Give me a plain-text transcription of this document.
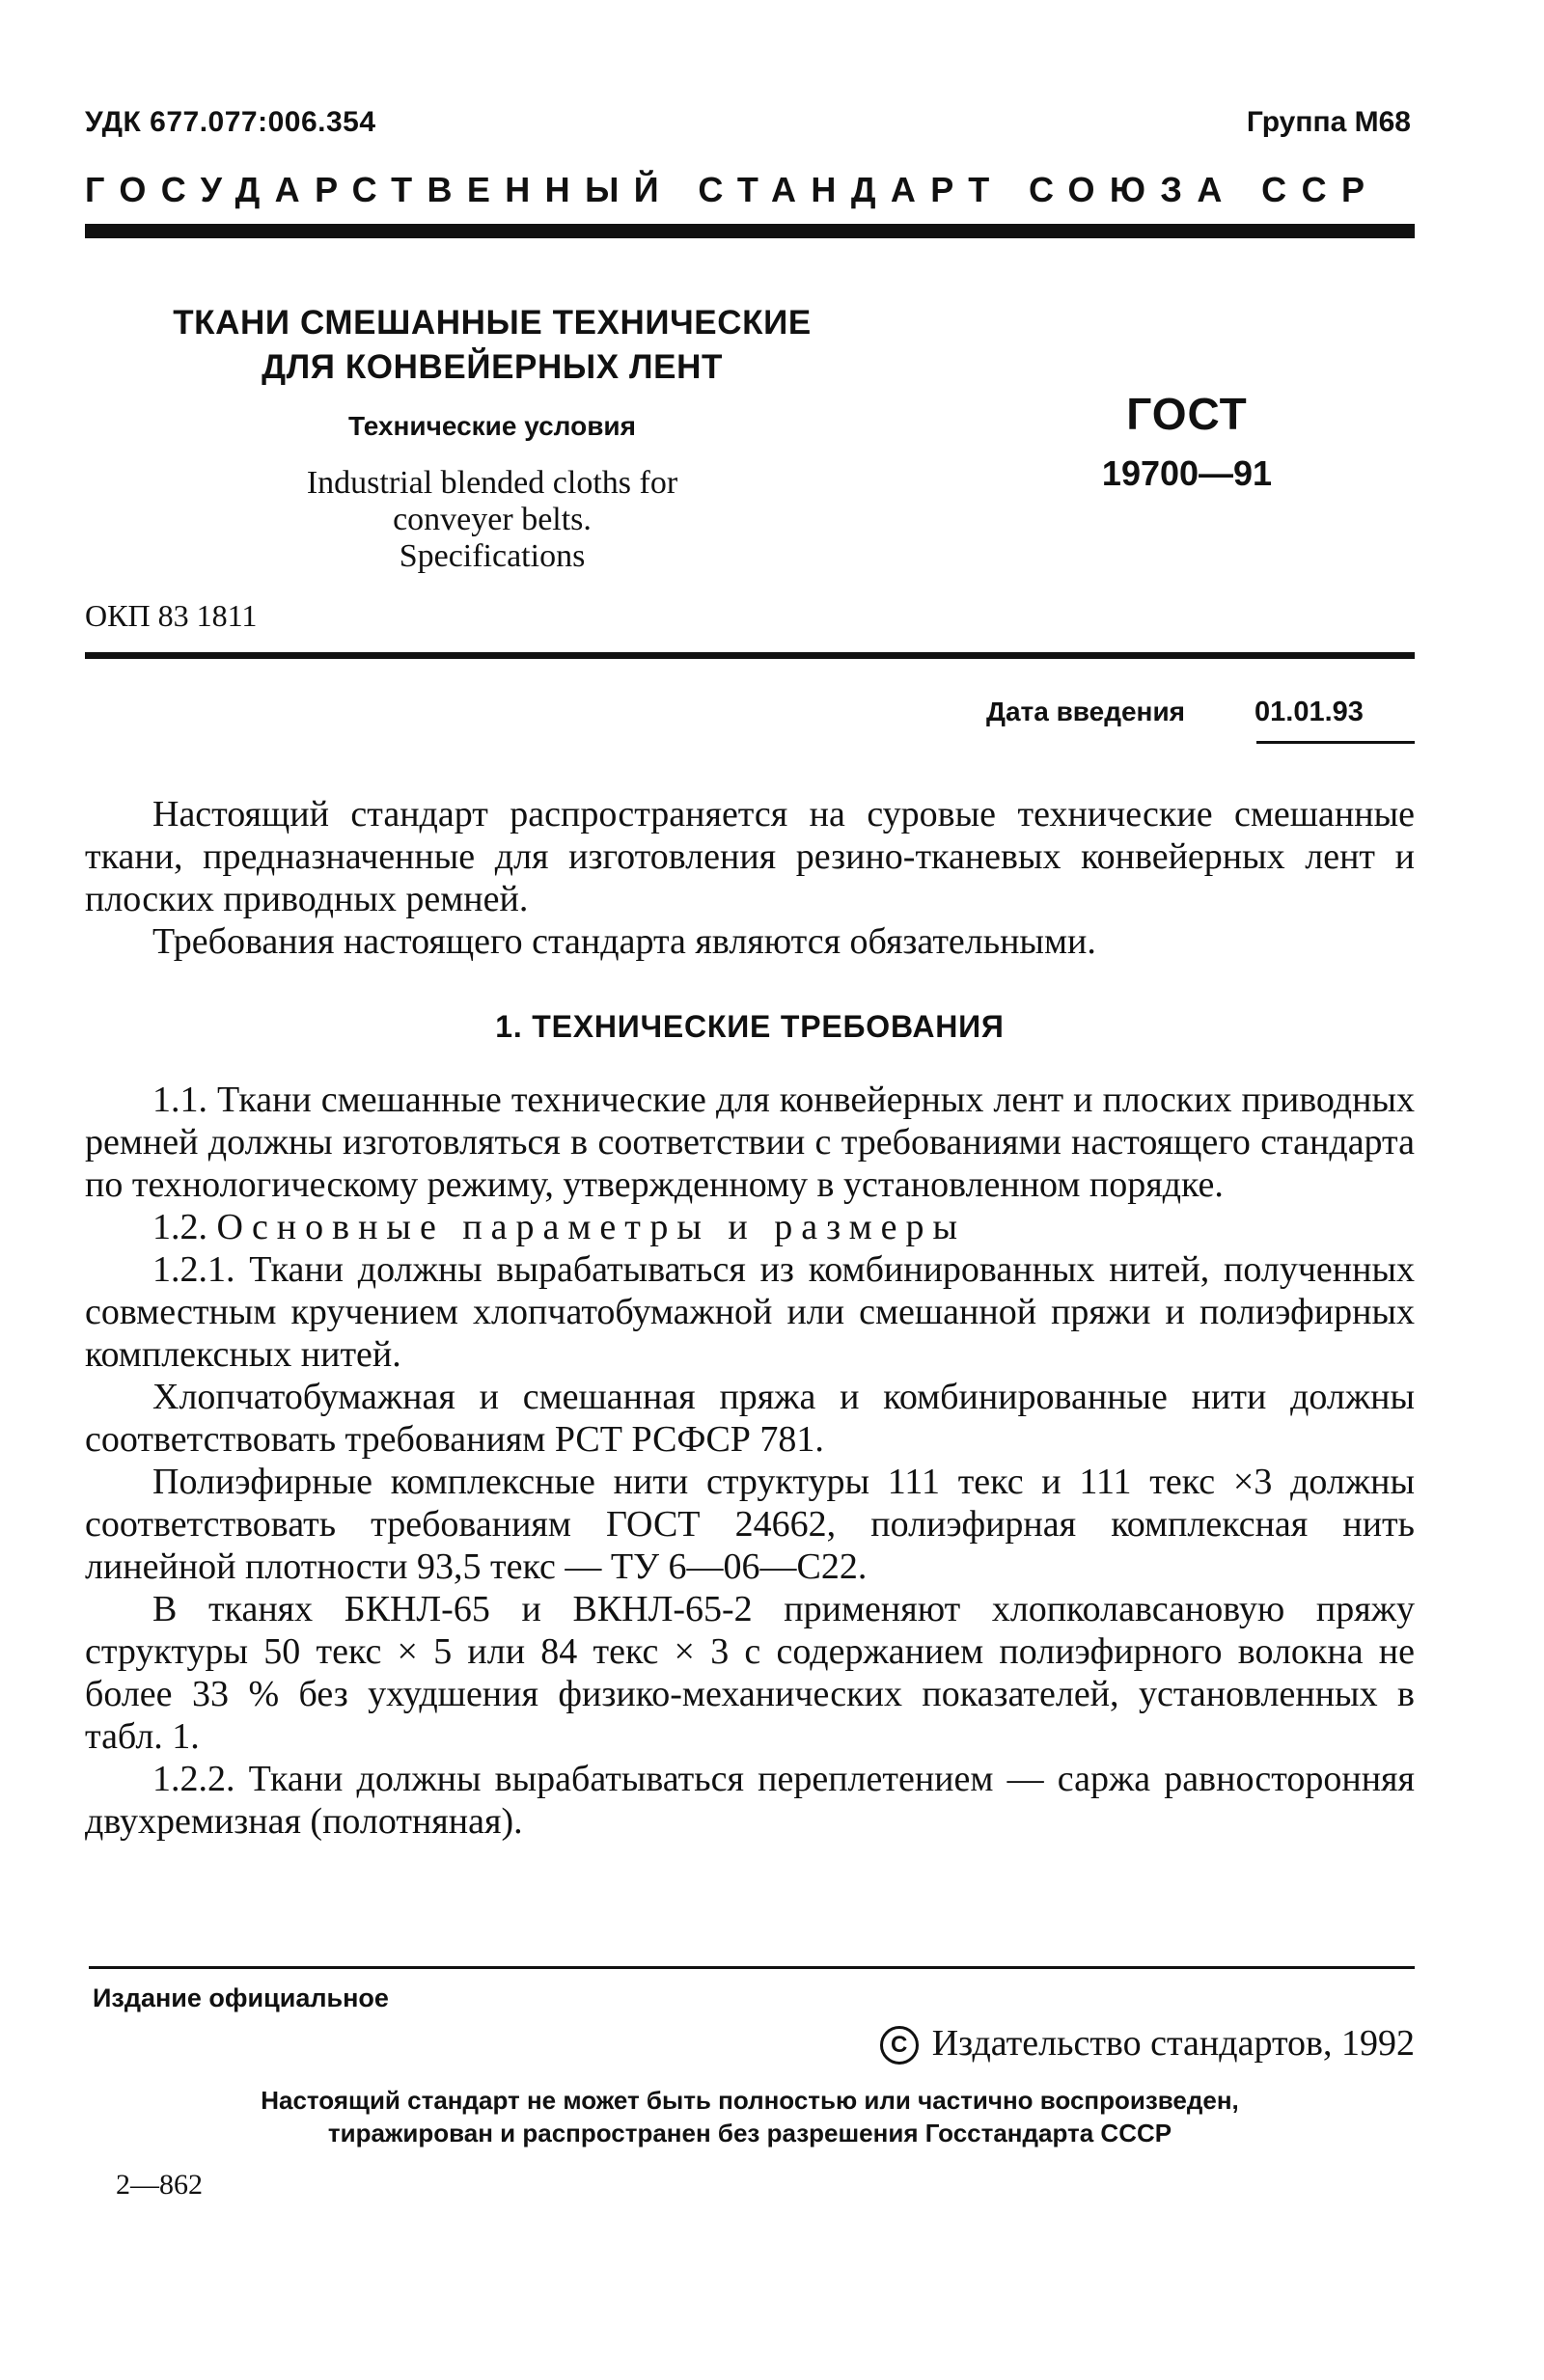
УДК 677.077:006.354	Группа М68
ГОСУДАРСТВЕННЫЙ СТАНДАРТ СОЮЗА ССР
ТКАНИ СМЕШАННЫЕ ТЕХНИЧЕСКИЕ
ДЛЯ КОНВЕЙЕРНЫХ ЛЕНТ
Технические условия
Industrial blended cloths for
conveyer belts.
Specifications
ГОСТ
19700—91
ОКП 83 1811
Дата введения 01.01.93

Настоящий стандарт распространяется на суровые технические смешанные ткани, предназначенные для изготовления резино-тканевых конвейерных лент и плоских приводных ремней.

Требования настоящего стандарта являются обязательными.

1. ТЕХНИЧЕСКИЕ ТРЕБОВАНИЯ

1.1. Ткани смешанные технические для конвейерных лент и плоских приводных ремней должны изготовляться в соответствии с требованиями настоящего стандарта по технологическому режиму, утвержденному в установленном порядке.

1.2. Основные параметры и размеры

1.2.1. Ткани должны вырабатываться из комбинированных нитей, полученных совместным кручением хлопчатобумажной или смешанной пряжи и полиэфирных комплексных нитей.

Хлопчатобумажная и смешанная пряжа и комбинированные нити должны соответствовать требованиям РСТ РСФСР 781.

Полиэфирные комплексные нити структуры 111 текс и 111 текс ×3 должны соответствовать требованиям ГОСТ 24662, полиэфирная комплексная нить линейной плотности 93,5 текс — ТУ 6—06—С22.

В тканях БКНЛ-65 и ВКНЛ-65-2 применяют хлопколавсановую пряжу структуры 50 текс × 5 или 84 текс × 3 с содержанием полиэфирного волокна не более 33 % без ухудшения физико-механических показателей, установленных в табл. 1.

1.2.2. Ткани должны вырабатываться переплетением — саржа равносторонняя двухремизная (полотняная).

Издание официальное
C Издательство стандартов, 1992
Настоящий стандарт не может быть полностью или частично воспроизведен,
тиражирован и распространен без разрешения Госстандарта СССР
2—862
